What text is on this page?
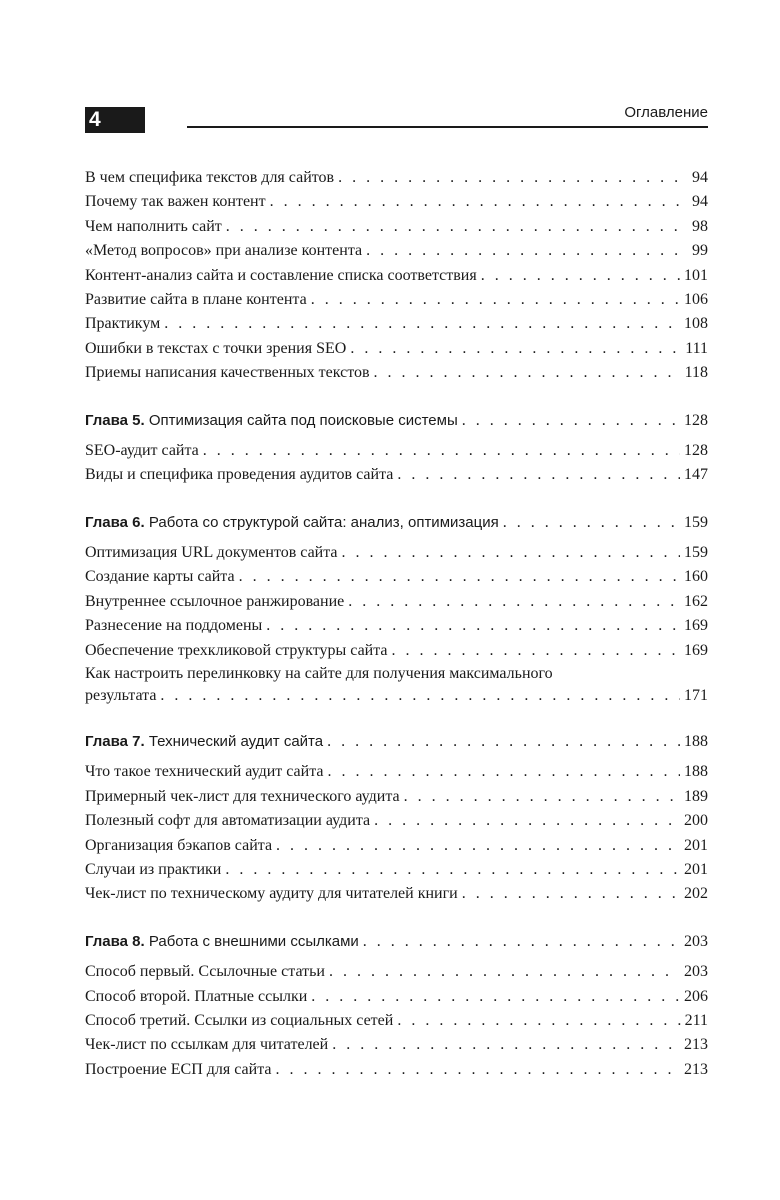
4	Оглавление
В чем специфика текстов для сайтов . . .	94
Почему так важен контент . . .	94
Чем наполнить сайт . . .	98
«Метод вопросов» при анализе контента . . .	99
Контент-анализ сайта и составление списка соответствия . . .	101
Развитие сайта в плане контента . . .	106
Практикум . . .	108
Ошибки в текстах с точки зрения SEO . . .	111
Приемы написания качественных текстов . . .	118
Глава 5. Оптимизация сайта под поисковые системы . . .	128
SEO-аудит сайта . . .	128
Виды и специфика проведения аудитов сайта . . .	147
Глава 6. Работа со структурой сайта: анализ, оптимизация . . .	159
Оптимизация URL документов сайта . . .	159
Создание карты сайта . . .	160
Внутреннее ссылочное ранжирование . . .	162
Разнесение на поддомены . . .	169
Обеспечение трехкликовой структуры сайта . . .	169
Как настроить перелинковку на сайте для получения максимального
результата . . .	171
Глава 7. Технический аудит сайта . . .	188
Что такое технический аудит сайта . . .	188
Примерный чек-лист для технического аудита . . .	189
Полезный софт для автоматизации аудита . . .	200
Организация бэкапов сайта . . .	201
Случаи из практики . . .	201
Чек-лист по техническому аудиту для читателей книги . . .	202
Глава 8. Работа с внешними ссылками . . .	203
Способ первый. Ссылочные статьи . . .	203
Способ второй. Платные ссылки . . .	206
Способ третий. Ссылки из социальных сетей . . .	211
Чек-лист по ссылкам для читателей . . .	213
Построение ЕСП для сайта . . .	213
